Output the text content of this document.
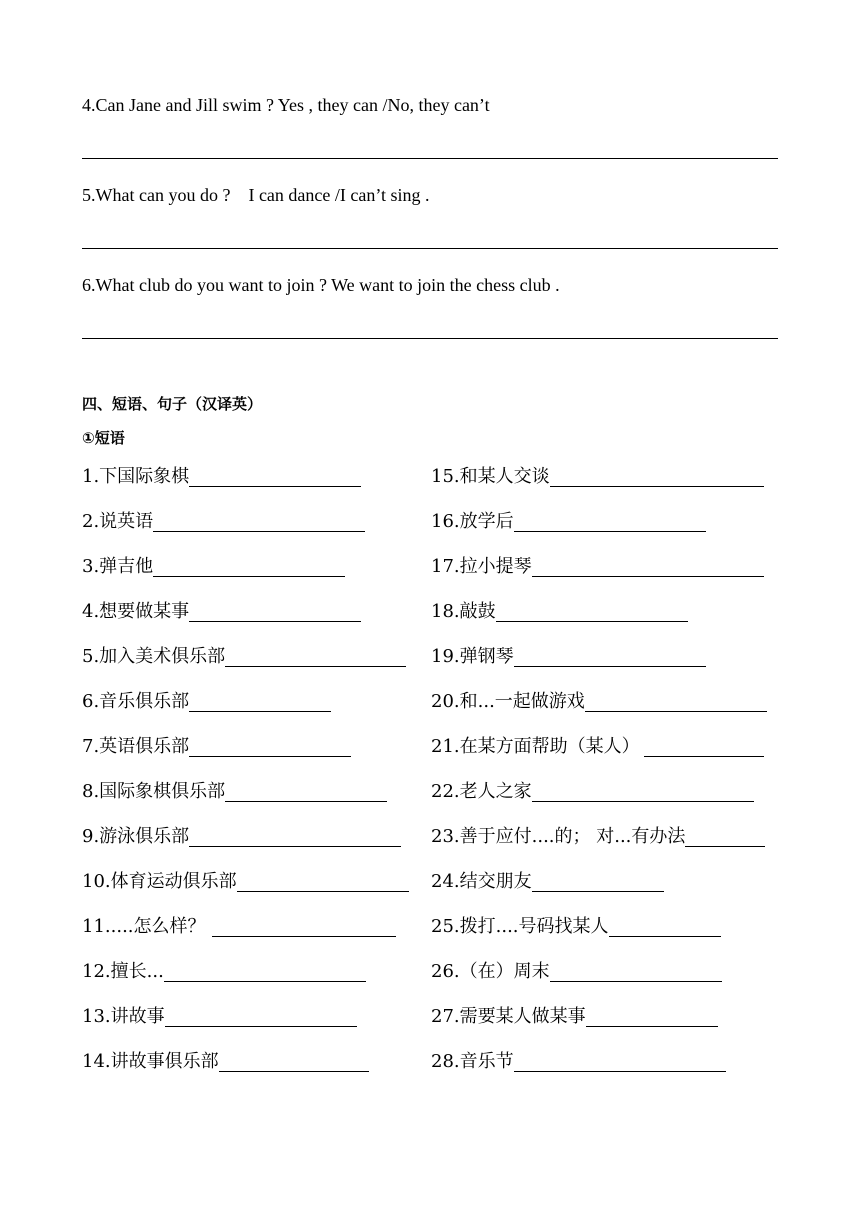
4.Can Jane and Jill swim ? Yes , they can /No, they can’t
5.What can you do ?    I can dance /I can’t sing .
6.What club do you want to join ? We want to join the chess club .
四、短语、句子（汉译英）
①短语
1.下国际象棋
2.说英语
3.弹吉他
4.想要做某事
5.加入美术俱乐部
6.音乐俱乐部
7.英语俱乐部
8.国际象棋俱乐部
9.游泳俱乐部
10.体育运动俱乐部
11.....怎么样？
12.擅长...
13.讲故事
14.讲故事俱乐部
15.和某人交谈
16.放学后
17.拉小提琴
18.敲鼓
19.弹钢琴
20.和...一起做游戏
21.在某方面帮助（某人）
22.老人之家
23.善于应付....的； 对...有办法
24.结交朋友
25.拨打....号码找某人
26.（在）周末
27.需要某人做某事
28.音乐节
